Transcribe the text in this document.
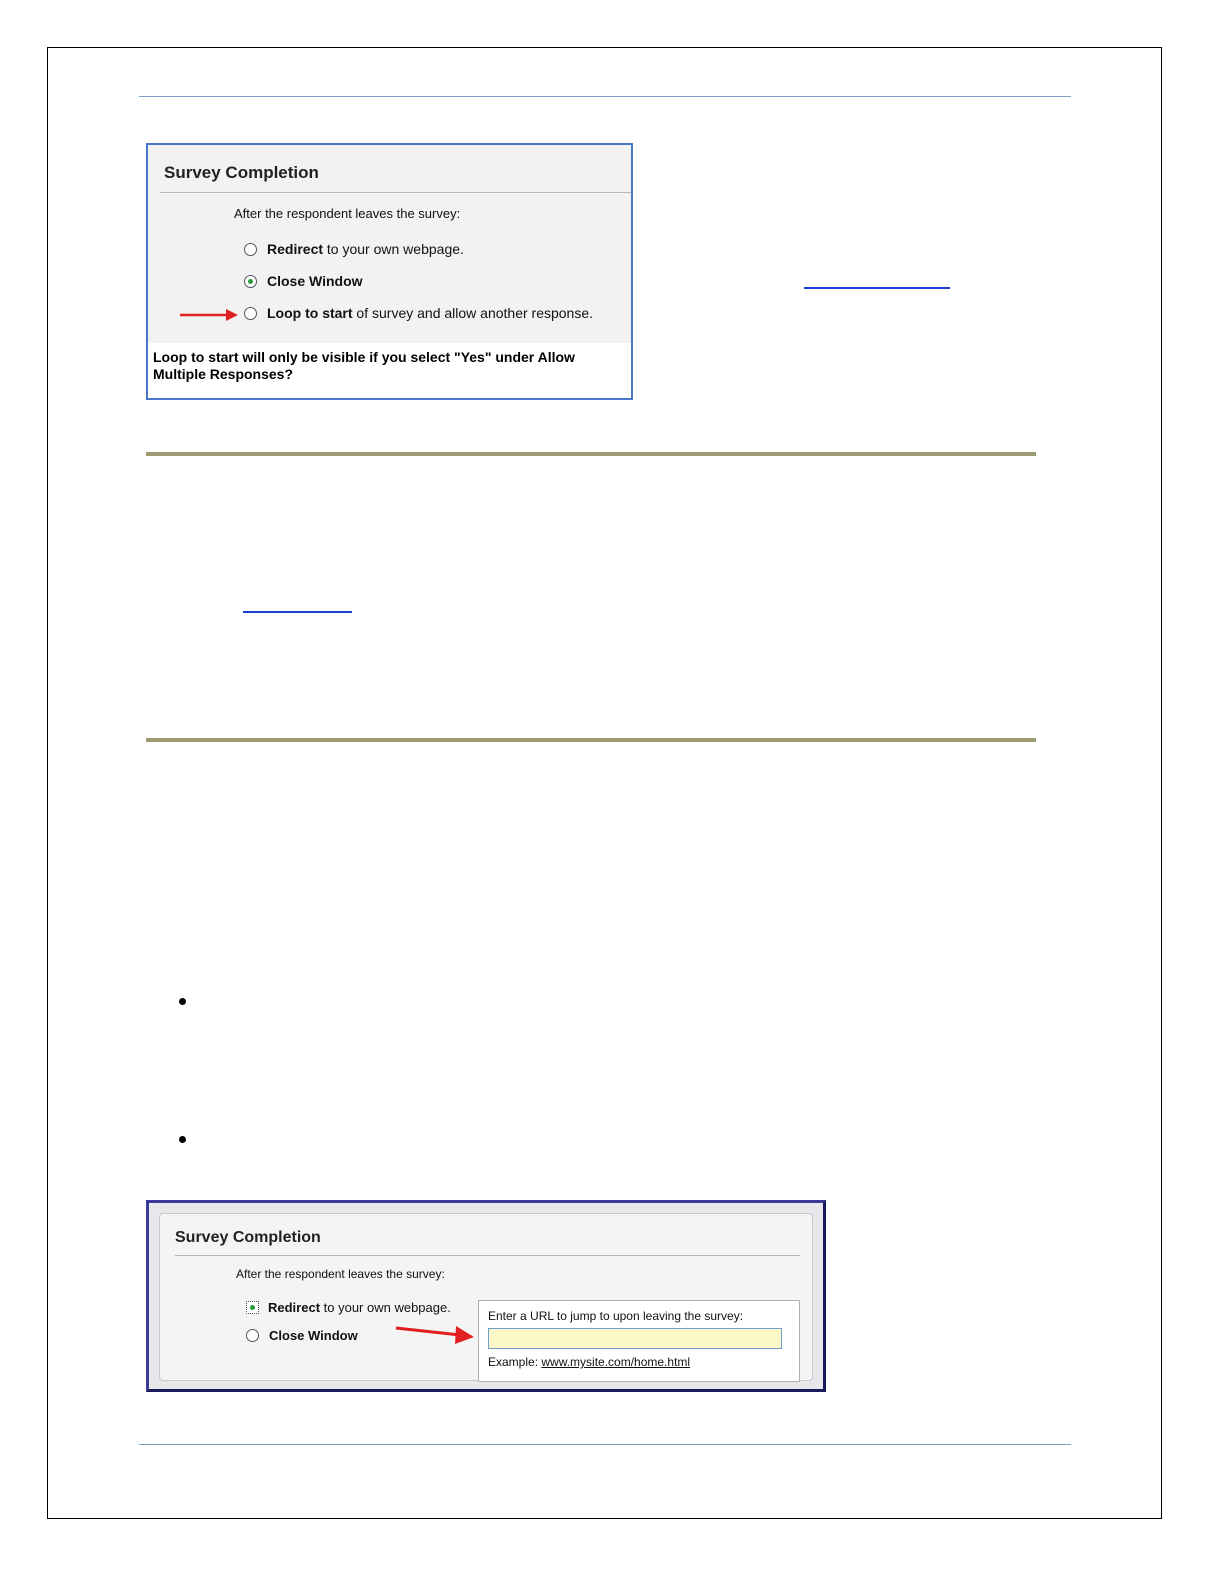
Survey Completion
After the respondent leaves the survey:
Redirect to your own webpage.
Close Window
Loop to start of survey and allow another response.
Loop to start will only be visible if you select "Yes" under Allow Multiple Responses?
Survey Completion
After the respondent leaves the survey:
Redirect to your own webpage.
Close Window
Enter a URL to jump to upon leaving the survey:
Example: www.mysite.com/home.html
